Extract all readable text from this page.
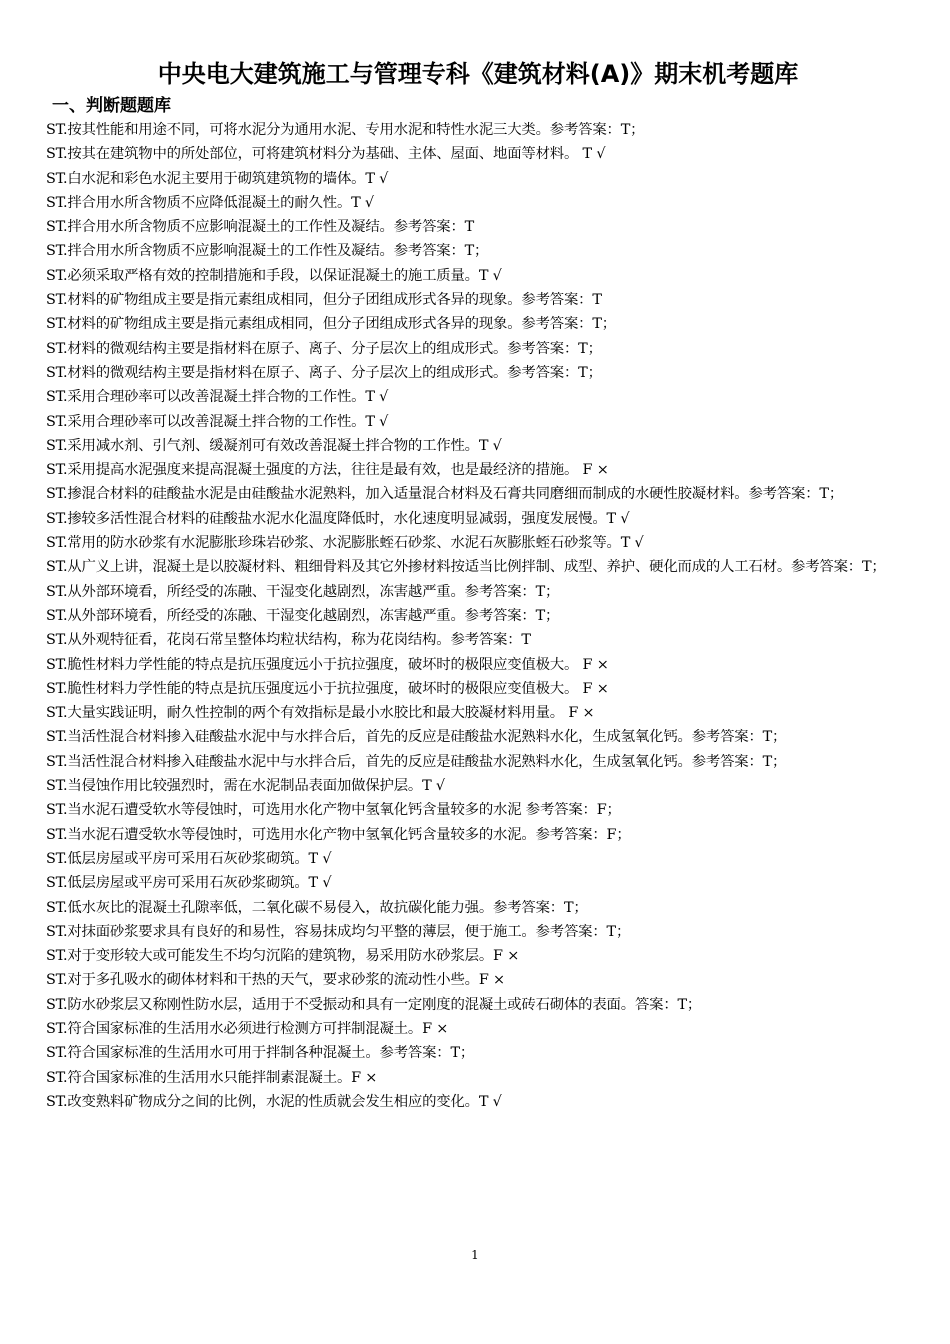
中央电大建筑施工与管理专科《建筑材料(A)》期末机考题库
一、判断题题库
ST.按其性能和用途不同，可将水泥分为通用水泥、专用水泥和特性水泥三大类。参考答案：T；
ST.按其在建筑物中的所处部位，可将建筑材料分为基础、主体、屋面、地面等材料。 T √
ST.白水泥和彩色水泥主要用于砌筑建筑物的墙体。T √
ST.拌合用水所含物质不应降低混凝土的耐久性。T √
ST.拌合用水所含物质不应影响混凝土的工作性及凝结。参考答案：T
ST.拌合用水所含物质不应影响混凝土的工作性及凝结。参考答案：T；
ST.必须采取严格有效的控制措施和手段，以保证混凝土的施工质量。T √
ST.材料的矿物组成主要是指元素组成相同，但分子团组成形式各异的现象。参考答案：T
ST.材料的矿物组成主要是指元素组成相同，但分子团组成形式各异的现象。参考答案：T；
ST.材料的微观结构主要是指材料在原子、离子、分子层次上的组成形式。参考答案：T；
ST.材料的微观结构主要是指材料在原子、离子、分子层次上的组成形式。参考答案：T；
ST.采用合理砂率可以改善混凝土拌合物的工作性。T √
ST.采用合理砂率可以改善混凝土拌合物的工作性。T √
ST.采用减水剂、引气剂、缓凝剂可有效改善混凝土拌合物的工作性。T √
ST.采用提高水泥强度来提高混凝土强度的方法，往往是最有效，也是最经济的措施。 F ×
ST.掺混合材料的硅酸盐水泥是由硅酸盐水泥熟料，加入适量混合材料及石膏共同磨细而制成的水硬性胶凝材料。参考答案：T；
ST.掺较多活性混合材料的硅酸盐水泥水化温度降低时，水化速度明显减弱，强度发展慢。T √
ST.常用的防水砂浆有水泥膨胀珍珠岩砂浆、水泥膨胀蛭石砂浆、水泥石灰膨胀蛭石砂浆等。T √
ST.从广义上讲，混凝土是以胶凝材料、粗细骨料及其它外掺材料按适当比例拌制、成型、养护、硬化而成的人工石材。参考答案：T；
ST.从外部环境看，所经受的冻融、干湿变化越剧烈，冻害越严重。参考答案：T；
ST.从外部环境看，所经受的冻融、干湿变化越剧烈，冻害越严重。参考答案：T；
ST.从外观特征看，花岗石常呈整体均粒状结构，称为花岗结构。参考答案：T
ST.脆性材料力学性能的特点是抗压强度远小于抗拉强度，破坏时的极限应变值极大。 F ×
ST.脆性材料力学性能的特点是抗压强度远小于抗拉强度，破坏时的极限应变值极大。 F ×
ST.大量实践证明，耐久性控制的两个有效指标是最小水胶比和最大胶凝材料用量。 F ×
ST.当活性混合材料掺入硅酸盐水泥中与水拌合后，首先的反应是硅酸盐水泥熟料水化，生成氢氧化钙。参考答案：T；
ST.当活性混合材料掺入硅酸盐水泥中与水拌合后，首先的反应是硅酸盐水泥熟料水化，生成氢氧化钙。参考答案：T；
ST.当侵蚀作用比较强烈时，需在水泥制品表面加做保护层。T √
ST.当水泥石遭受软水等侵蚀时，可选用水化产物中氢氧化钙含量较多的水泥 参考答案：F；
ST.当水泥石遭受软水等侵蚀时，可选用水化产物中氢氧化钙含量较多的水泥。参考答案：F；
ST.低层房屋或平房可采用石灰砂浆砌筑。T √
ST.低层房屋或平房可采用石灰砂浆砌筑。T √
ST.低水灰比的混凝土孔隙率低，二氧化碳不易侵入，故抗碳化能力强。参考答案：T；
ST.对抹面砂浆要求具有良好的和易性，容易抹成均匀平整的薄层，便于施工。参考答案：T；
ST.对于变形较大或可能发生不均匀沉陷的建筑物，易采用防水砂浆层。F ×
ST.对于多孔吸水的砌体材料和干热的天气，要求砂浆的流动性小些。F ×
ST.防水砂浆层又称刚性防水层，适用于不受振动和具有一定刚度的混凝土或砖石砌体的表面。答案：T；
ST.符合国家标准的生活用水必须进行检测方可拌制混凝土。F ×
ST.符合国家标准的生活用水可用于拌制各种混凝土。参考答案：T；
ST.符合国家标准的生活用水只能拌制素混凝土。F ×
ST.改变熟料矿物成分之间的比例，水泥的性质就会发生相应的变化。T √
1
